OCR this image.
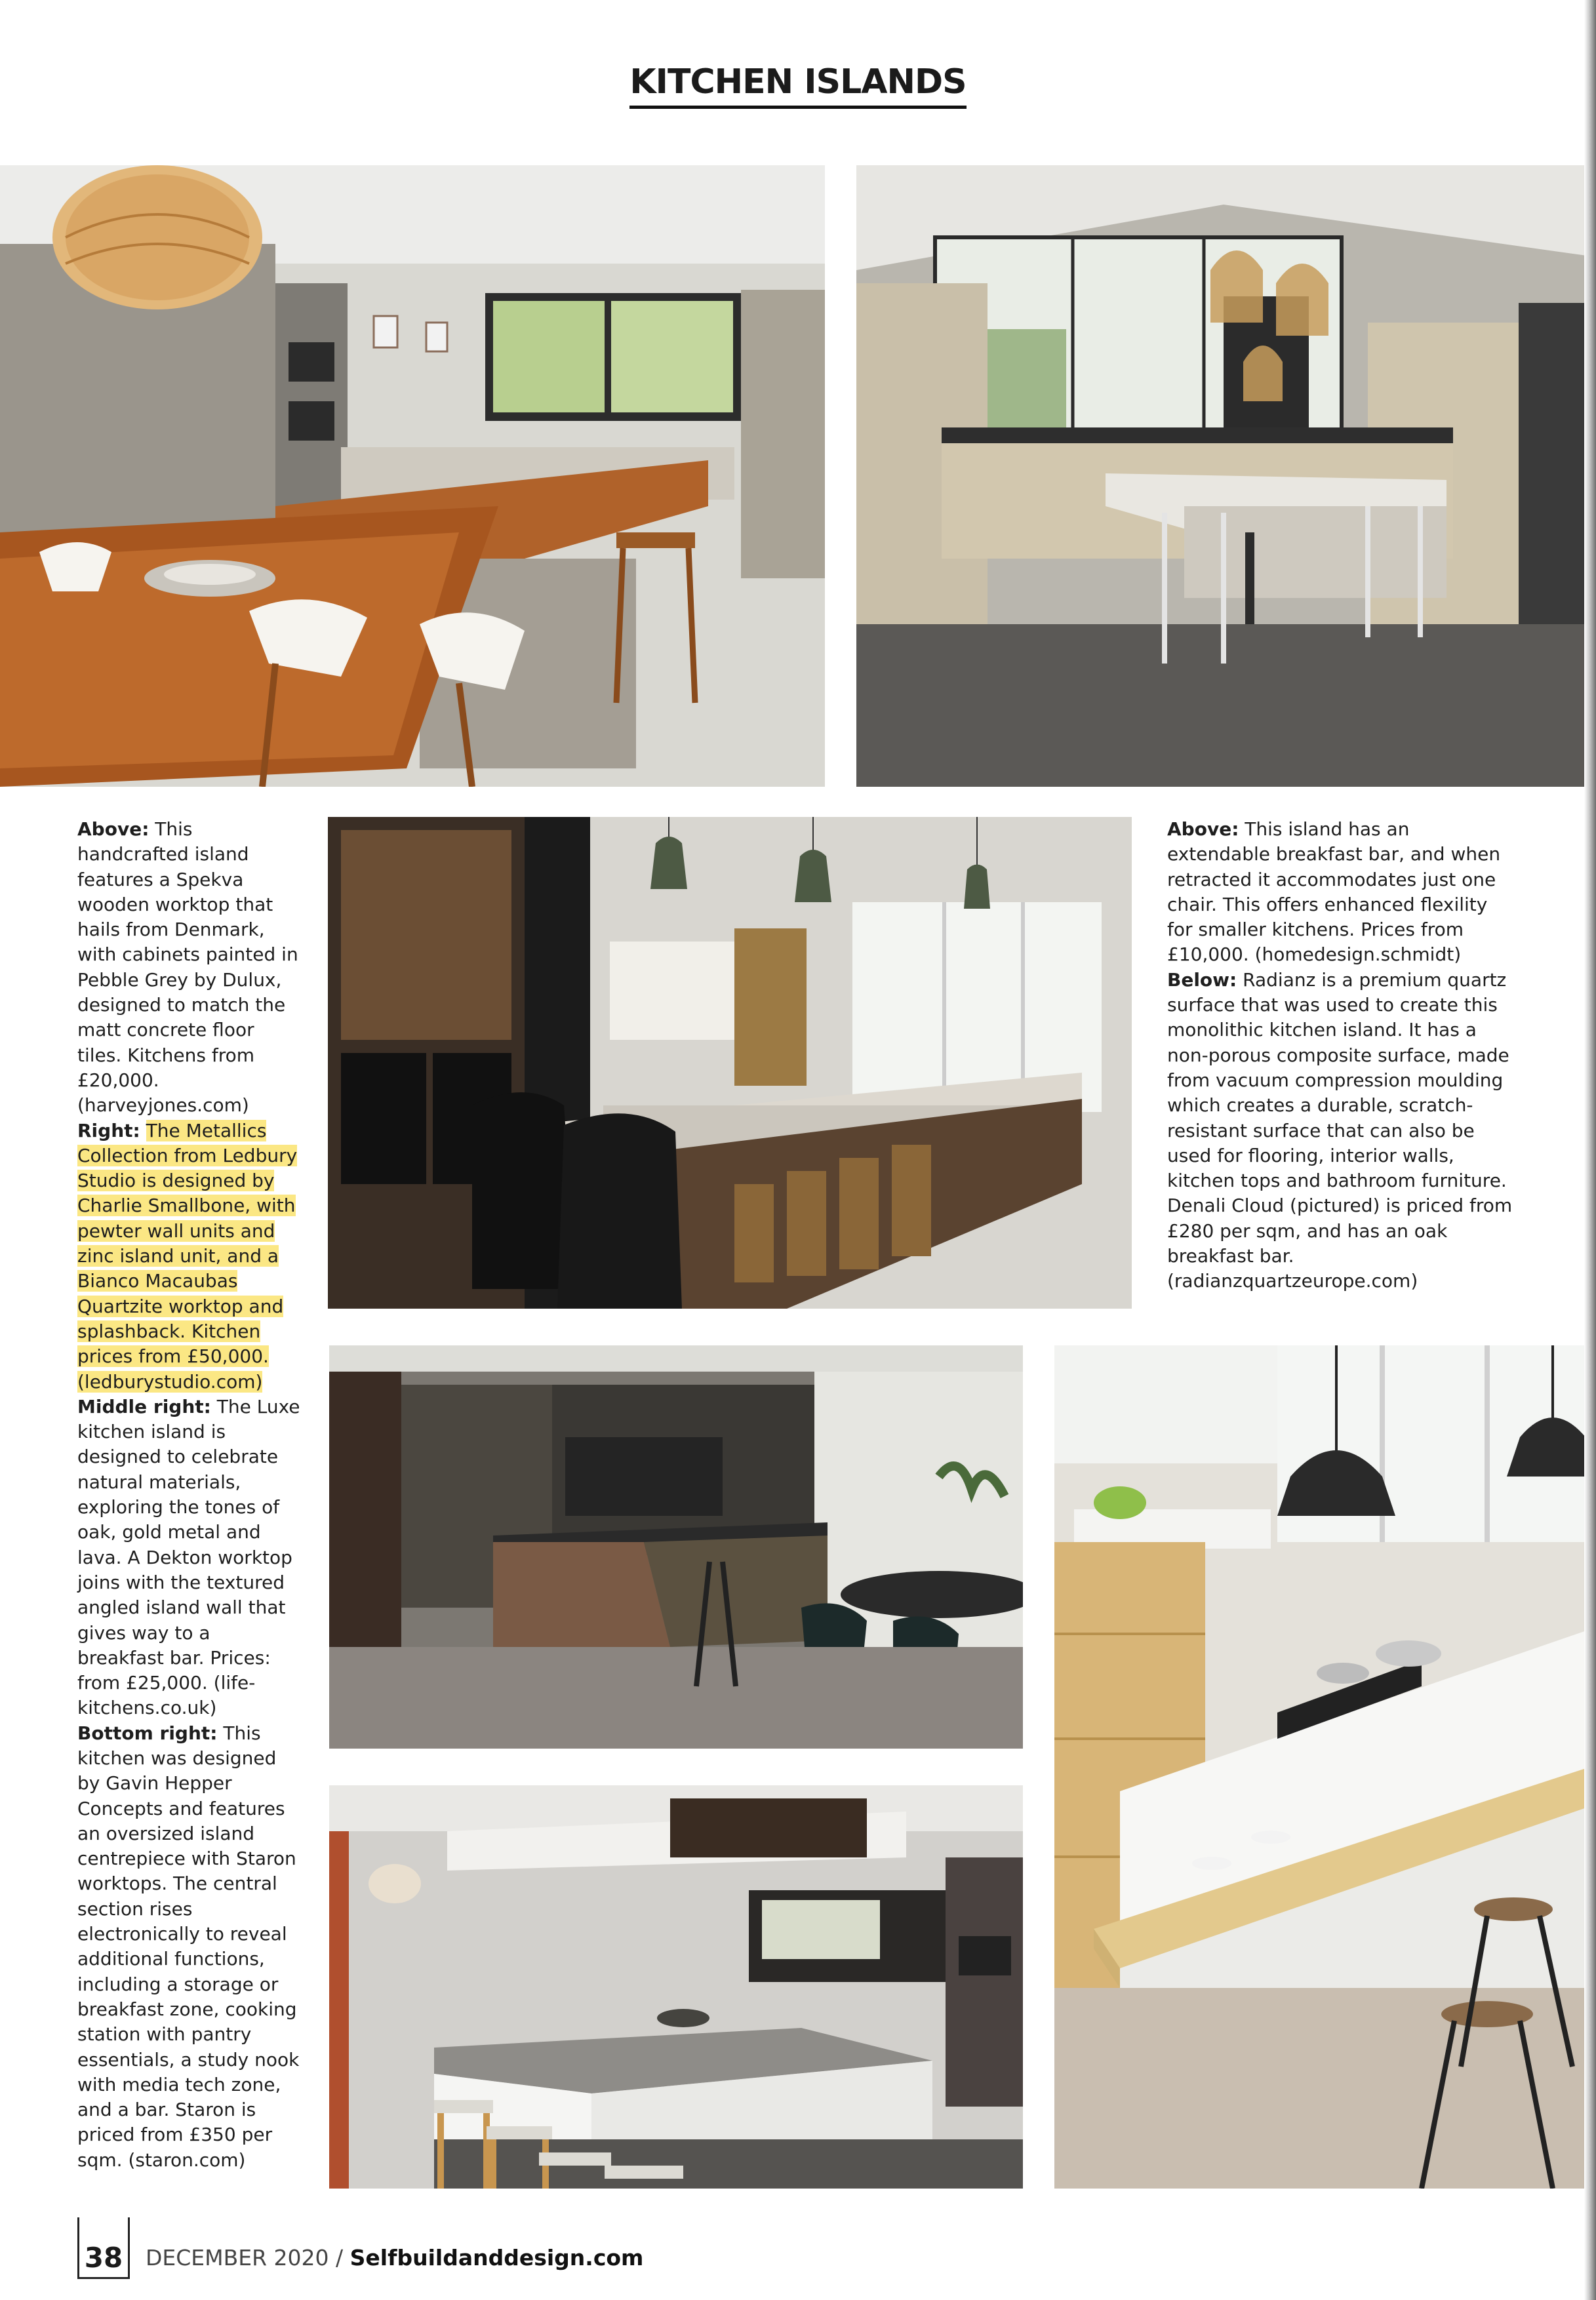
KITCHEN ISLANDS

Above: This handcrafted island features a Spekva wooden worktop that hails from Denmark, with cabinets painted in Pebble Grey by Dulux, designed to match the matt concrete floor tiles. Kitchens from £20,000. (harveyjones.com)

Right: The Metallics Collection from Ledbury Studio is designed by Charlie Smallbone, with pewter wall units and zinc island unit, and a Bianco Macaubas Quartzite worktop and splashback. Kitchen prices from £50,000. (ledburystudio.com)

Middle right: The Luxe kitchen island is designed to celebrate natural materials, exploring the tones of oak, gold metal and lava. A Dekton worktop joins with the textured angled island wall that gives way to a breakfast bar. Prices: from £25,000. (life-kitchens.co.uk)

Bottom right: This kitchen was designed by Gavin Hepper Concepts and features an oversized island centrepiece with Staron worktops. The central section rises electronically to reveal additional functions, including a storage or breakfast zone, cooking station with pantry essentials, a study nook with media tech zone, and a bar. Staron is priced from £350 per sqm. (staron.com)

Above: This island has an extendable breakfast bar, and when retracted it accommodates just one chair. This offers enhanced flexility for smaller kitchens. Prices from £10,000. (homedesign.schmidt)

Below: Radianz is a premium quartz surface that was used to create this monolithic kitchen island. It has a non-porous composite surface, made from vacuum compression moulding which creates a durable, scratch-resistant surface that can also be used for flooring, interior walls, kitchen tops and bathroom furniture. Denali Cloud (pictured) is priced from £280 per sqm, and has an oak breakfast bar. (radianzquartzeurope.com)

38	DECEMBER 2020 / Selfbuildanddesign.com
